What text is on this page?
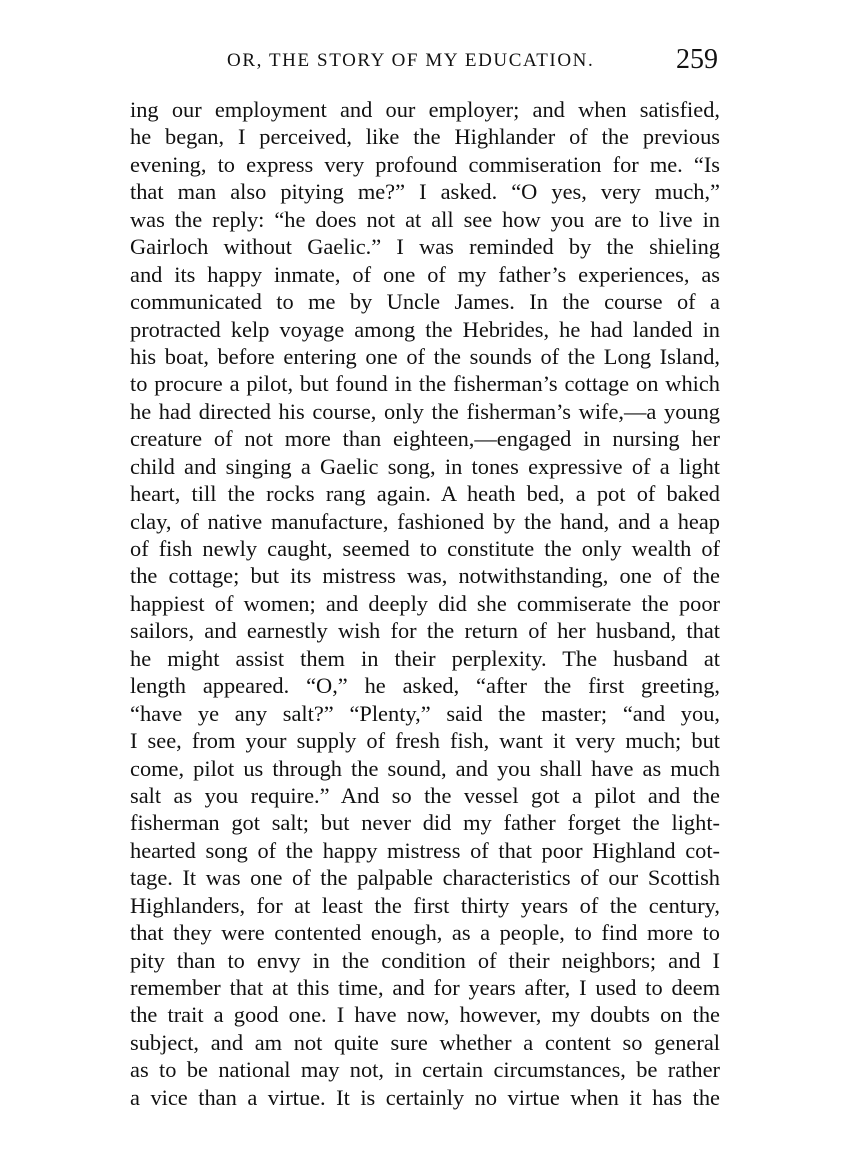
OR, THE STORY OF MY EDUCATION.	259
ing our employment and our employer; and when satisfied,
he began, I perceived, like the Highlander of the previous
evening, to express very profound commiseration for me. “Is
that man also pitying me?” I asked. “O yes, very much,”
was the reply: “he does not at all see how you are to live in
Gairloch without Gaelic.” I was reminded by the shieling
and its happy inmate, of one of my father’s experiences, as
communicated to me by Uncle James. In the course of a
protracted kelp voyage among the Hebrides, he had landed in
his boat, before entering one of the sounds of the Long Island,
to procure a pilot, but found in the fisherman’s cottage on which
he had directed his course, only the fisherman’s wife,—a young
creature of not more than eighteen,—engaged in nursing her
child and singing a Gaelic song, in tones expressive of a light
heart, till the rocks rang again. A heath bed, a pot of baked
clay, of native manufacture, fashioned by the hand, and a heap
of fish newly caught, seemed to constitute the only wealth of
the cottage; but its mistress was, notwithstanding, one of the
happiest of women; and deeply did she commiserate the poor
sailors, and earnestly wish for the return of her husband, that
he might assist them in their perplexity. The husband at
length appeared. “O,” he asked, “after the first greeting,
“have ye any salt?” “Plenty,” said the master; “and you,
I see, from your supply of fresh fish, want it very much; but
come, pilot us through the sound, and you shall have as much
salt as you require.” And so the vessel got a pilot and the
fisherman got salt; but never did my father forget the light-
hearted song of the happy mistress of that poor Highland cot-
tage. It was one of the palpable characteristics of our Scottish
Highlanders, for at least the first thirty years of the century,
that they were contented enough, as a people, to find more to
pity than to envy in the condition of their neighbors; and I
remember that at this time, and for years after, I used to deem
the trait a good one. I have now, however, my doubts on the
subject, and am not quite sure whether a content so general
as to be national may not, in certain circumstances, be rather
a vice than a virtue. It is certainly no virtue when it has the
